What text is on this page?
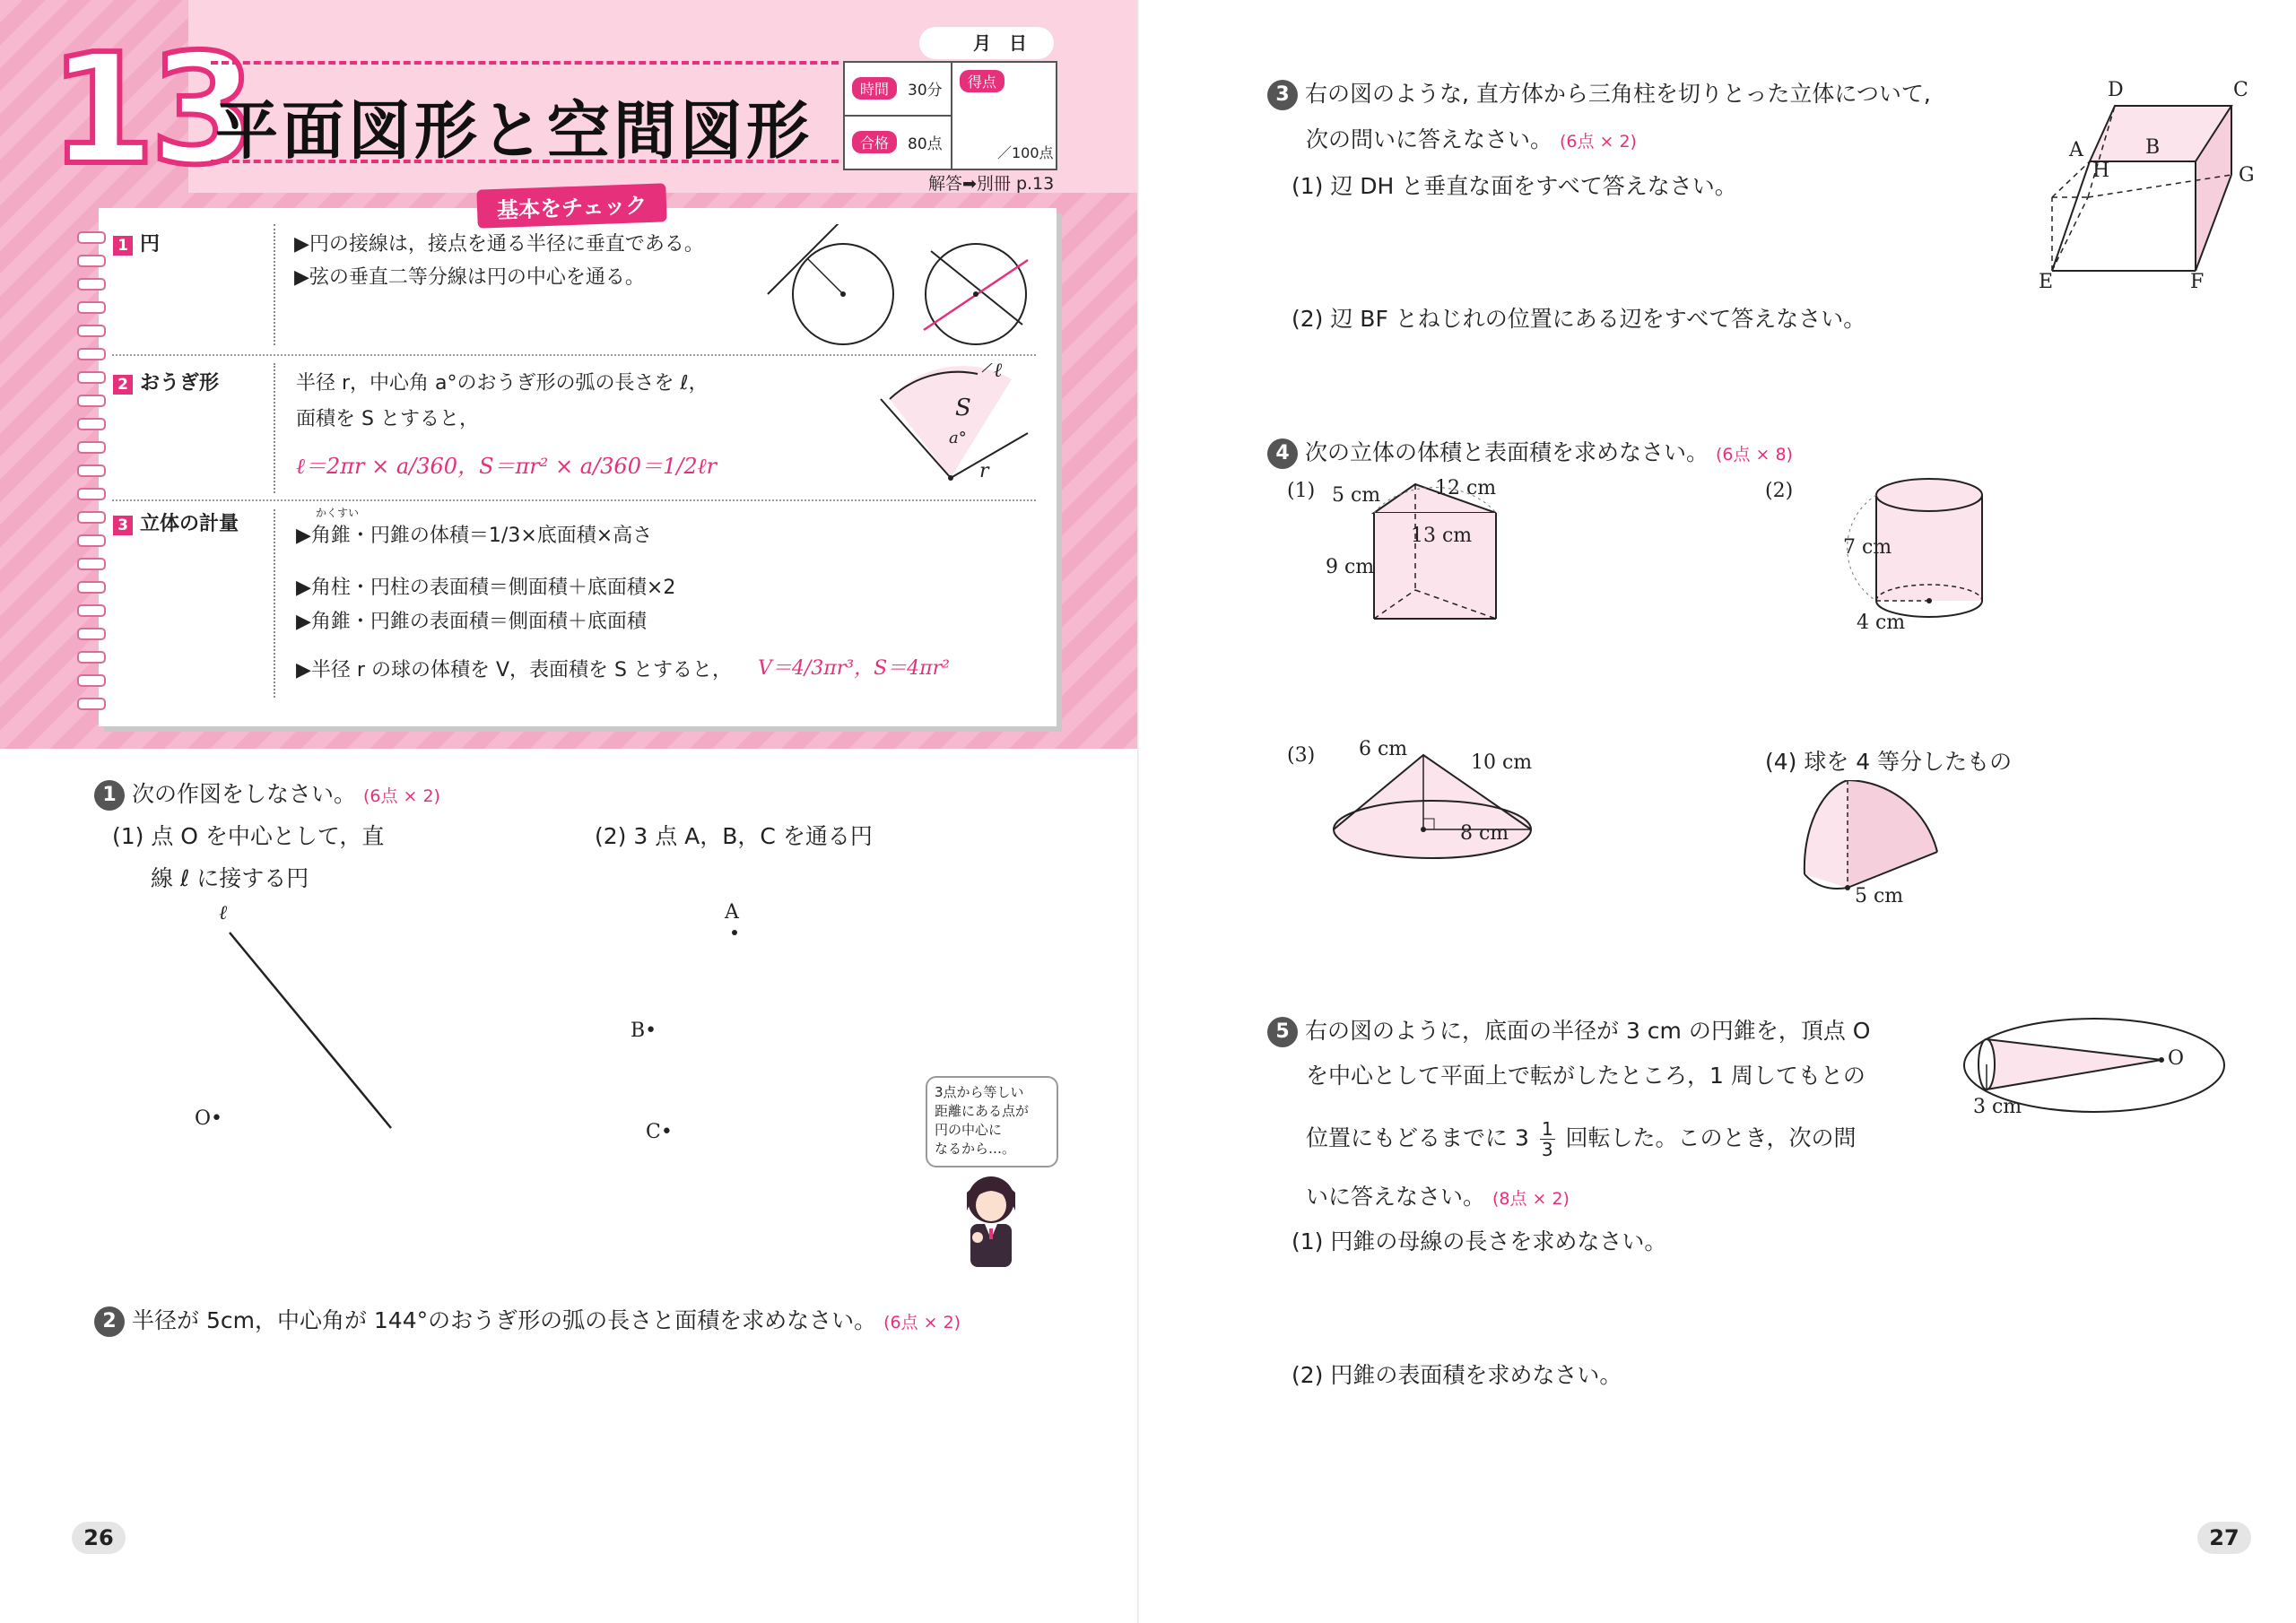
13
平面図形と空間図形
月　日
時間	30分
合格	80点
得点
／100点
解答➡別冊 p.13
基本をチェック
1 円	▶円の接線は，接点を通る半径に垂直である。
▶弦の垂直二等分線は円の中心を通る。
2 おうぎ形	半径 r，中心角 a°のおうぎ形の弧の長さを ℓ，
面積を S とすると，
ℓ＝2πr × a/360，S＝πr² × a/360＝1/2ℓr
S
ℓ
a°
r
3 立体の計量	かくすい
▶角錐・円錐の体積＝1/3×底面積×高さ
▶角柱・円柱の表面積＝側面積＋底面積×2
▶角錐・円錐の表面積＝側面積＋底面積
▶半径 r の球の体積を V，表面積を S とすると， V＝4/3πr³，S＝4πr²
1 次の作図をしなさい。 (6点 × 2)
(1) 点 O を中心として，直
線 ℓ に接する円
(2) 3 点 A，B，C を通る円
ℓ
O•
A
B•
C•
3点から等しい
距離にある点が
円の中心に
なるから…。
2 半径が 5cm，中心角が 144°のおうぎ形の弧の長さと面積を求めなさい。 (6点 × 2)
26
3 右の図のような, 直方体から三角柱を切りとった立体について,
次の問いに答えなさい。 (6点 × 2)
(1) 辺 DH と垂直な面をすべて答えなさい。
(2) 辺 BF とねじれの位置にある辺をすべて答えなさい。
D	C
A	B
H	G
E	F
4 次の立体の体積と表面積を求めなさい。 (6点 × 8)
(1) 5 cm	12 cm
13 cm
9 cm
(2)
7 cm
4 cm
(3) 6 cm
10 cm
8 cm
(4) 球を 4 等分したもの
5 cm
5 右の図のように，底面の半径が 3 cm の円錐を，頂点 O
を中心として平面上で転がしたところ，1 周してもとの
位置にもどるまでに $3 \frac{1}{3}$ 回転した。このとき，次の問
いに答えなさい。 (8点 × 2)
(1) 円錐の母線の長さを求めなさい。
(2) 円錐の表面積を求めなさい。
O
3 cm
27
